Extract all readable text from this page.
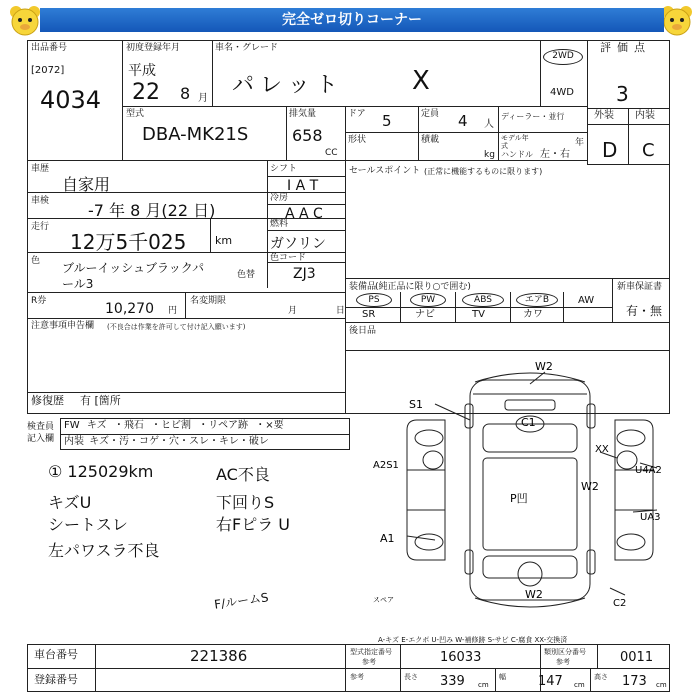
完全ゼロ切りコーナー
出品番号
[2072]
4034
初度登録年月
平成
22 8 月
車名・グレード
パレット	X
2WD
4WD
評価点
3
外装 内装
D C
型式
DBA-MK21S
排気量
658
CC
ドア 5
形状
定員 4 人
積載
kg
ディーラー・並行
モデル年式	年
ハンドル 左・右
車歴
自家用
シフト
I A T
車検 -7 年 8 月(22 日)
冷房
A A C
走行
12万5千025	km
燃料
ガソリン
色 ブルーイッシュブラックパ
ール3
色替
色コード
ZJ3
R券	10,270 円
名変期限
月 日
注意事項申告欄 (不良合は作業を許可して付け記入願います)
修復歴 有 [箇所
セールスポイント (正常に機能するものに限ります)
装備品
(純正品に限り○で囲む)	新車保証書
有・無
PS	PW	ABS	エアB	AW
SR	ナビ	TV	カワ
後日品
検査員
記入欄
FW キズ ・飛石 ・ヒビ割 ・リペア跡 ・×要
内装 キズ・汚・コゲ・穴・スレ・キレ・破レ
① 125029km
キズU
シートスレ
左パワスラ不良
AC不良
下回りS
右Fピラ U
F/ルームS
W2
S1
C1
XX
A2S1
W2
U4A2
P凹
UA3
A1
W2
C2
スペア
A-キズ E-エクボ U-凹み W-補修跡 S-サビ C-腐食 XX-交換済
車台番号	221386
登録番号
型式指定番号
参考	16033	類別区分番号
参考	0011
参考	長さ 339 cm
幅 147 cm
高さ 173 cm
